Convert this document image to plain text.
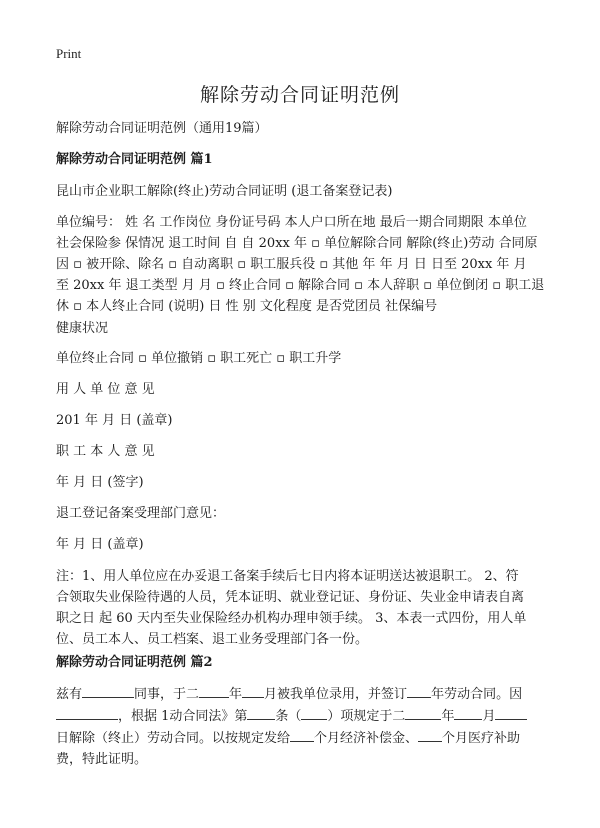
Print
解除劳动合同证明范例

解除劳动合同证明范例（通用19篇）

解除劳动合同证明范例 篇1

昆山市企业职工解除(终止)劳动合同证明 (退工备案登记表)

单位编号： 姓 名 工作岗位 身份证号码 本人户口所在地 最后一期合同期限 本单位
社会保险参 保情况 退工时间 自 自 20xx 年 ▫ 单位解除合同 解除(终止)劳动 合同原
因 ▫ 被开除、除名 ▫ 自动离职 ▫ 职工服兵役 ▫ 其他 年 年 月 日 日至 20xx 年 月
至 20xx 年 退工类型 月 月 ▫ 终止合同 ▫ 解除合同 ▫ 本人辞职 ▫ 单位倒闭 ▫ 职工退
休 ▫ 本人终止合同 (说明) 日 性 别 文化程度 是否党团员 社保编号

健康状况

单位终止合同 ▫ 单位撤销 ▫ 职工死亡 ▫ 职工升学

用 人 单 位 意 见

201 年 月 日 (盖章)

职 工 本 人 意 见

年 月 日 (签字)

退工登记备案受理部门意见：

年 月 日 (盖章)

注：1、用人单位应在办妥退工备案手续后七日内将本证明送达被退职工。 2、符
合领取失业保险待遇的人员，凭本证明、就业登记证、身份证、失业金申请表自离
职之日 起 60 天内至失业保险经办机构办理申领手续。 3、本表一式四份，用人单
位、员工本人、员工档案、退工业务受理部门各一份。

解除劳动合同证明范例 篇2

兹有	同事，于二 年 月被我单位录用，并签订 年劳动合同。因
，根据 1动合同法》第 条（ ）项规定于二	年 月
日解除（终止）劳动合同。以按规定发给 个月经济补偿金、 个月医疗补助
费，特此证明。
